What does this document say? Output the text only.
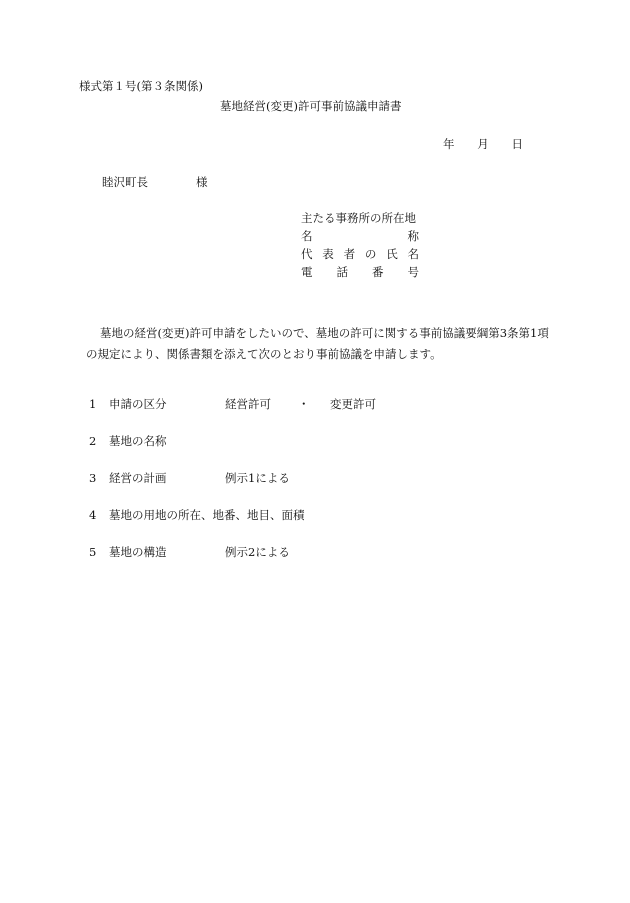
様式第１号(第３条関係)
墓地経営(変更)許可事前協議申請書
年 月 日
睦沢町長	様
主たる事務所の所在地
名	称
代 表 者 の 氏 名
電 話 番 号
墓地の経営(変更)許可申請をしたいので、墓地の許可に関する事前協議要綱第3条第1項の規定により、関係書類を添えて次のとおり事前協議を申請します。
1 申請の区分	経営許可 ・ 変更許可
2 墓地の名称
3 経営の計画	例示1による
4 墓地の用地の所在、地番、地目、面積
5 墓地の構造	例示2による
